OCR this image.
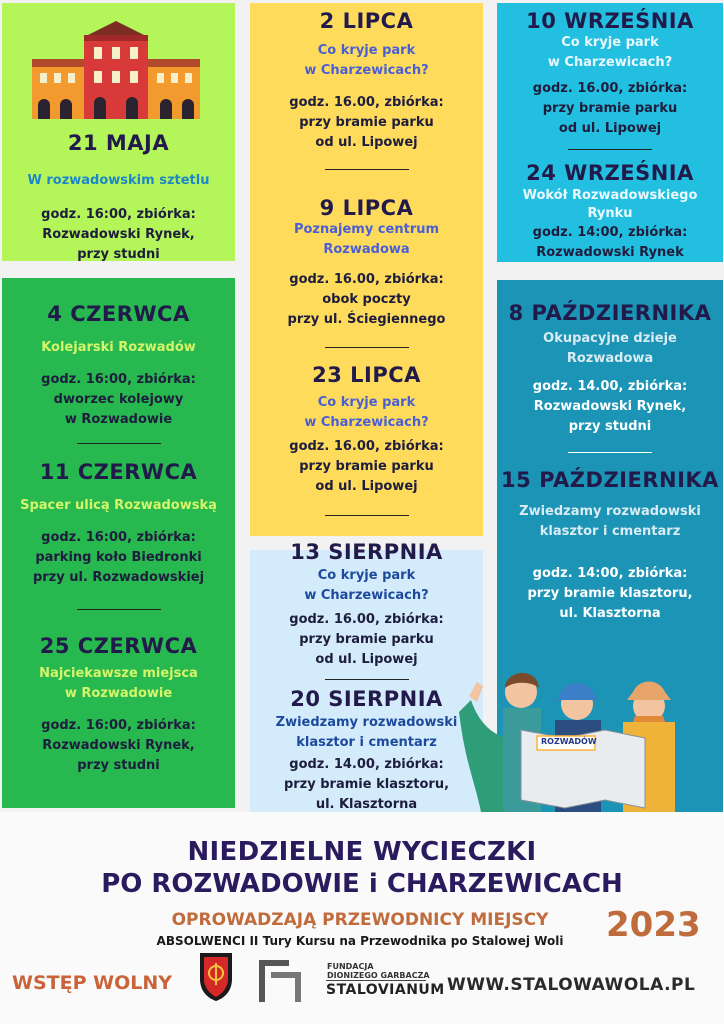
21 MAJA
W rozwadowskim sztetlu
godz. 16:00, zbiórka:
Rozwadowski Rynek,
przy studni
4 CZERWCA
Kolejarski Rozwadów
godz. 16:00, zbiórka:
dworzec kolejowy
w Rozwadowie
11 CZERWCA
Spacer ulicą Rozwadowską
godz. 16:00, zbiórka:
parking koło Biedronki
przy ul. Rozwadowskiej
25 CZERWCA
Najciekawsze miejsca
w Rozwadowie
godz. 16:00, zbiórka:
Rozwadowski Rynek,
przy studni
2 LIPCA
Co kryje park
w Charzewicach?
godz. 16.00, zbiórka:
przy bramie parku
od ul. Lipowej
9 LIPCA
Poznajemy centrum
Rozwadowa
godz. 16.00, zbiórka:
obok poczty
przy ul. Ściegiennego
23 LIPCA
Co kryje park
w Charzewicach?
godz. 16.00, zbiórka:
przy bramie parku
od ul. Lipowej
13 SIERPNIA
Co kryje park
w Charzewicach?
godz. 16.00, zbiórka:
przy bramie parku
od ul. Lipowej
20 SIERPNIA
Zwiedzamy rozwadowski
klasztor i cmentarz
godz. 14.00, zbiórka:
przy bramie klasztoru,
ul. Klasztorna
10 WRZEŚNIA
Co kryje park
w Charzewicach?
godz. 16.00, zbiórka:
przy bramie parku
od ul. Lipowej
24 WRZEŚNIA
Wokół Rozwadowskiego
Rynku
godz. 14:00, zbiórka:
Rozwadowski Rynek
8 PAŹDZIERNIKA
Okupacyjne dzieje
Rozwadowa
godz. 14.00, zbiórka:
Rozwadowski Rynek,
przy studni
15 PAŹDZIERNIKA
Zwiedzamy rozwadowski
klasztor i cmentarz
godz. 14:00, zbiórka:
przy bramie klasztoru,
ul. Klasztorna
ROZWADÓW
NIEDZIELNE WYCIECZKI
PO ROZWADOWIE i CHARZEWICACH
OPROWADZAJĄ PRZEWODNICY MIEJSCY
ABSOLWENCI II Tury Kursu na Przewodnika po Stalowej Woli	2023
WSTĘP WOLNY
FUNDACJA
DIONIZEGO GARBACZA
STALOVIANUM WWW.STALOWAWOLA.PL
